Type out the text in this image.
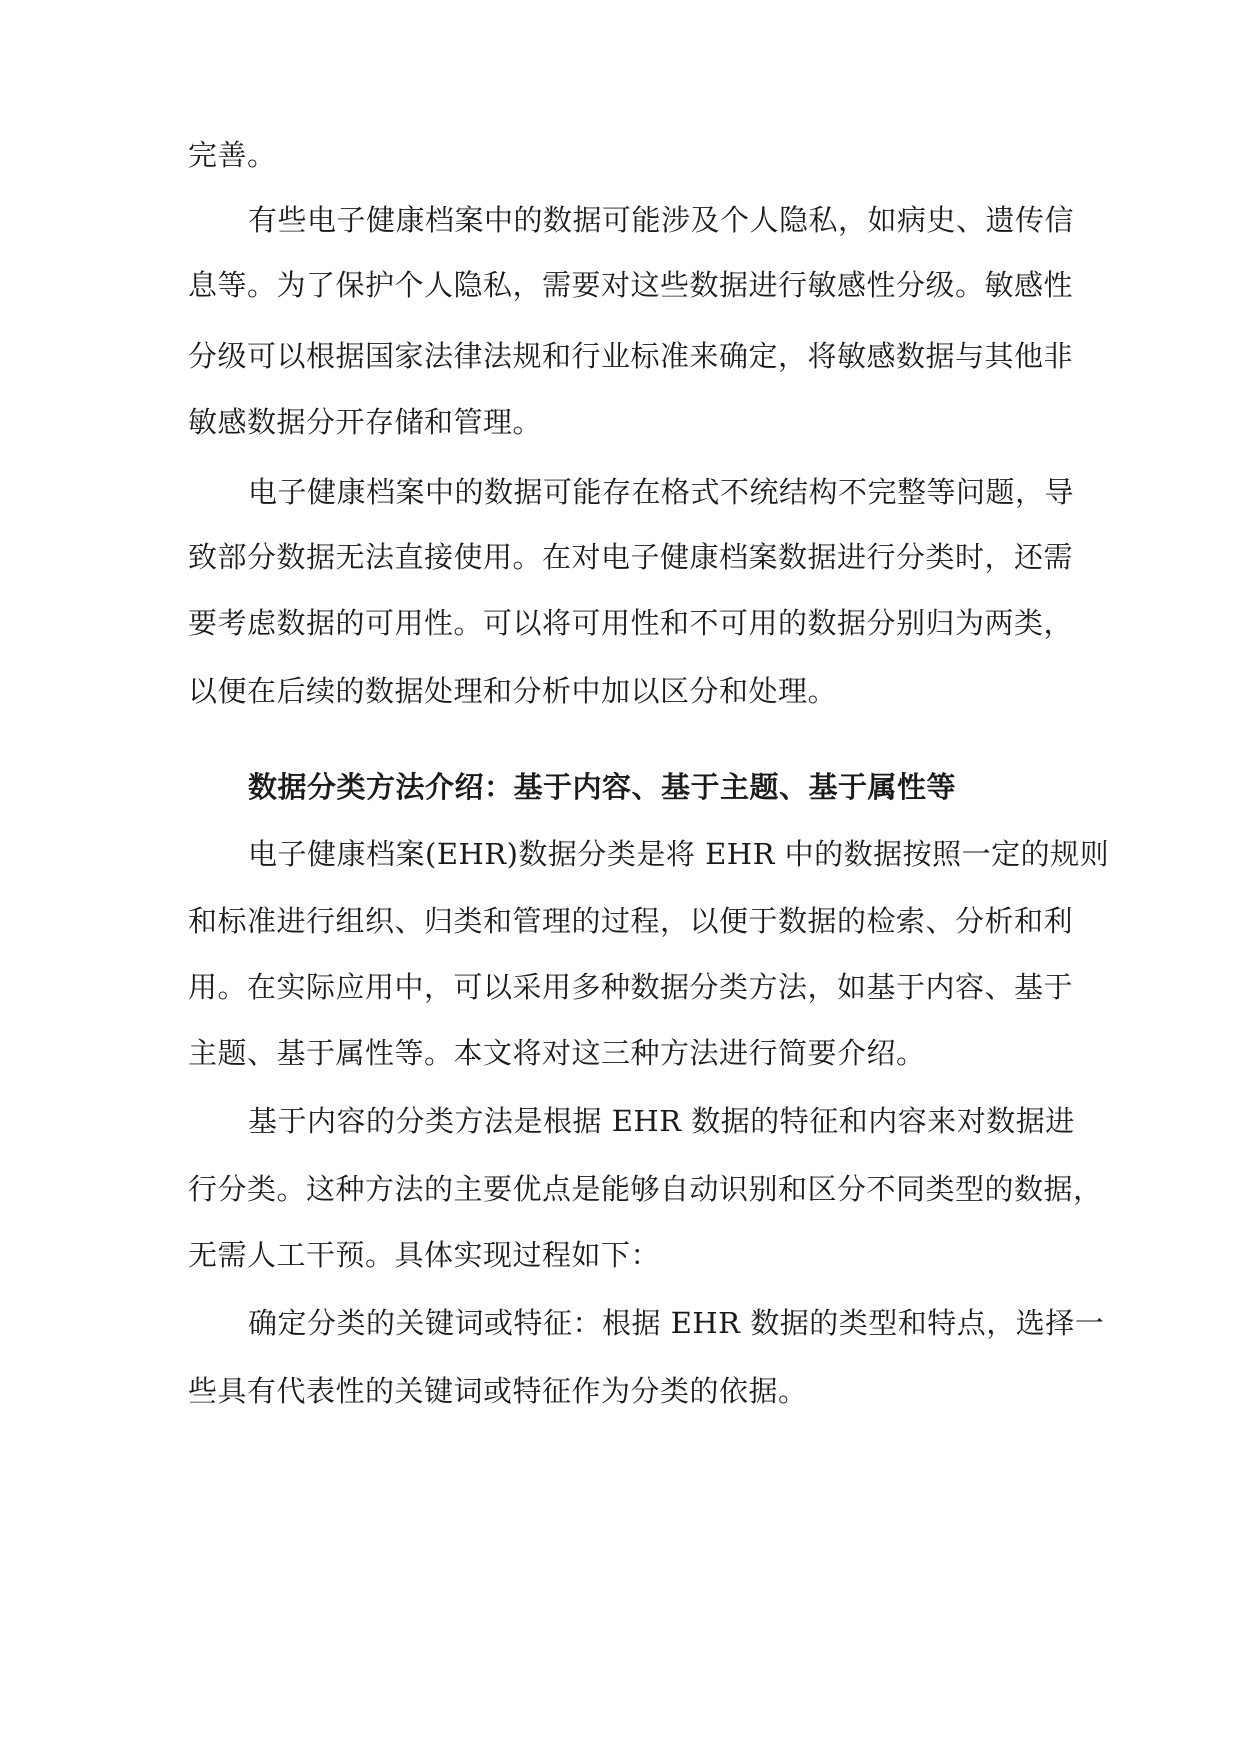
完善。
有些电子健康档案中的数据可能涉及个人隐私，如病史、遗传信
息等。为了保护个人隐私，需要对这些数据进行敏感性分级。敏感性
分级可以根据国家法律法规和行业标准来确定，将敏感数据与其他非
敏感数据分开存储和管理。
电子健康档案中的数据可能存在格式不统结构不完整等问题，导
致部分数据无法直接使用。在对电子健康档案数据进行分类时，还需
要考虑数据的可用性。可以将可用性和不可用的数据分别归为两类，
以便在后续的数据处理和分析中加以区分和处理。
数据分类方法介绍：基于内容、基于主题、基于属性等
电子健康档案(EHR)数据分类是将 EHR 中的数据按照一定的规则
和标准进行组织、归类和管理的过程，以便于数据的检索、分析和利
用。在实际应用中，可以采用多种数据分类方法，如基于内容、基于
主题、基于属性等。本文将对这三种方法进行简要介绍。
基于内容的分类方法是根据 EHR 数据的特征和内容来对数据进
行分类。这种方法的主要优点是能够自动识别和区分不同类型的数据，
无需人工干预。具体实现过程如下：
确定分类的关键词或特征：根据 EHR 数据的类型和特点，选择一
些具有代表性的关键词或特征作为分类的依据。
